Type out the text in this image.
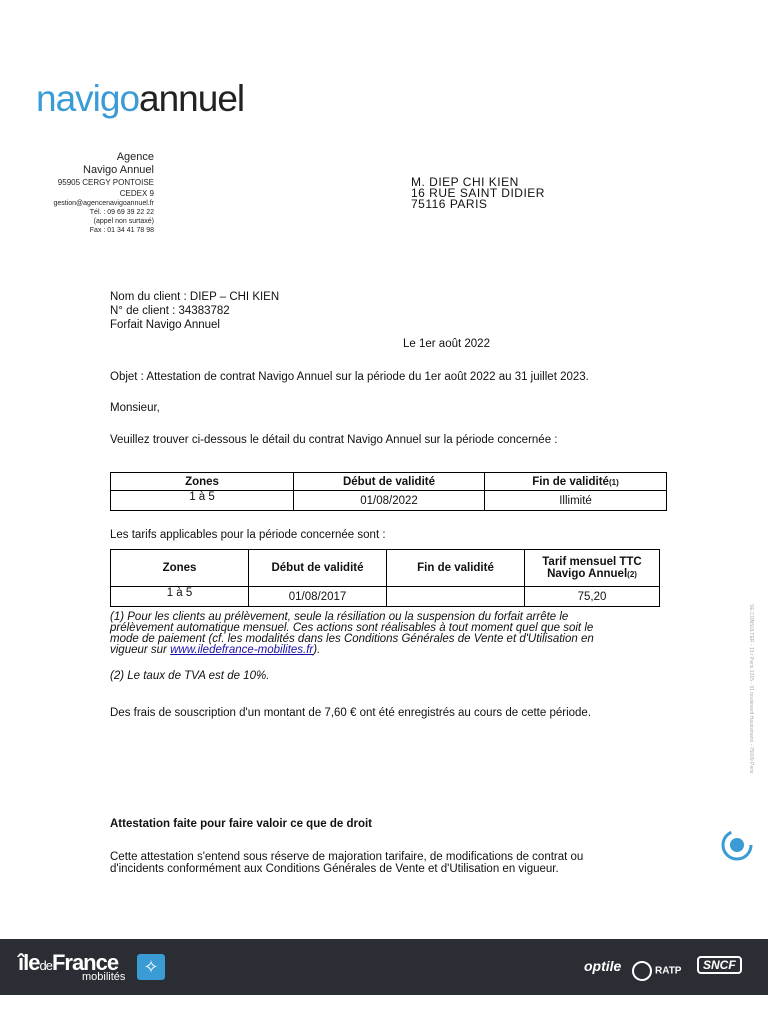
navigoannuel
Agence
Navigo Annuel
95905 CERGY PONTOISE
CEDEX 9
gestion@agencenavigoannuel.fr
Tél. : 09 69 39 22 22
(appel non surtaxé)
Fax : 01 34 41 78 98
M. DIEP CHI KIEN
16 RUE SAINT DIDIER
75116 PARIS
Nom du client : DIEP – CHI KIEN
N° de client : 34383782
Forfait Navigo Annuel
Le 1er août 2022
Objet : Attestation de contrat Navigo Annuel sur la période du 1er août 2022 au 31 juillet 2023.
Monsieur,
Veuillez trouver ci-dessous le détail du contrat Navigo Annuel sur la période concernée :
Zones	Début de validité	Fin de validité(1)
1 à 5	01/08/2022	Illimité
Les tarifs applicables pour la période concernée sont :
Zones	Début de validité	Fin de validité	Tarif mensuel TTC
Navigo Annuel(2)

1 à 5	01/08/2017		75,20
(1) Pour les clients au prélèvement, seule la résiliation ou la suspension du forfait arrête le
prélèvement automatique mensuel. Ces actions sont réalisables à tout moment quel que soit le
mode de paiement (cf. les modalités dans les Conditions Générales de Vente et d'Utilisation en
vigueur sur www.iledefrance-mobilites.fr).
(2) Le taux de TVA est de 10%.
Des frais de souscription d'un montant de 7,60 € ont été enregistrés au cours de cette période.
Attestation faite pour faire valoir ce que de droit
Cette attestation s'entend sous réserve de majoration tarifaire, de modifications de contrat ou
d'incidents conformément aux Conditions Générales de Vente et d'Utilisation en vigueur.
SE CONSULTER - 13 r Paris 1315 - 31 boulevard Haussmann - 75009 Paris
îledeFrance
mobilités	✧	optile	RATP	SNCF
